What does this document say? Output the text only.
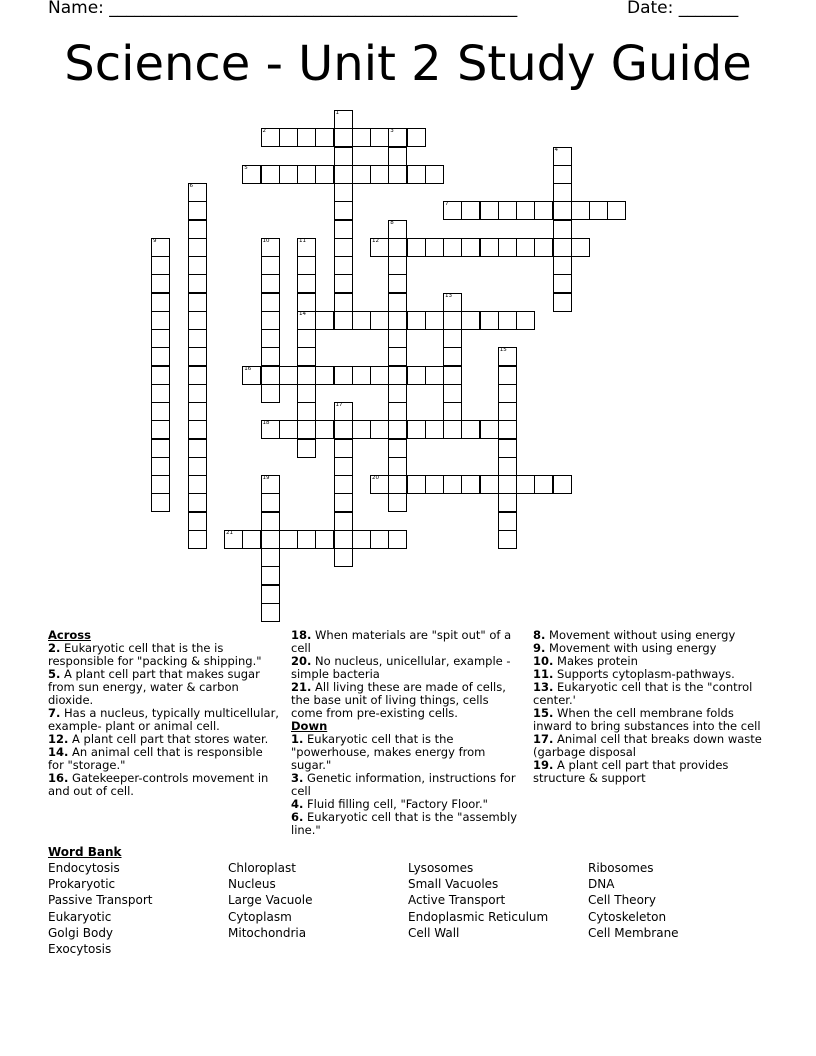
Name: ________________________________________________	Date: _______
Science - Unit 2 Study Guide
1
2	3
4
5
6
7
8
9	10	11
14
12
13
15
16
17
18
19	20
21
Across
2. Eukaryotic cell that is the is responsible for "packing & shipping."
5. A plant cell part that makes sugar from sun energy, water & carbon dioxide.
7. Has a nucleus, typically multicellular, example- plant or animal cell.
12. A plant cell part that stores water.
14. An animal cell that is responsible for "storage."
16. Gatekeeper-controls movement in and out of cell.
18. When materials are "spit out" of a cell
20. No nucleus, unicellular, example - simple bacteria
21. All living these are made of cells, the base unit of living things, cells come from pre-existing cells.
Down
1. Eukaryotic cell that is the "powerhouse, makes energy from sugar."
3. Genetic information, instructions for cell
4. Fluid filling cell, "Factory Floor."
6. Eukaryotic cell that is the "assembly line."
8. Movement without using energy
9. Movement with using energy
10. Makes protein
11. Supports cytoplasm-pathways.
13. Eukaryotic cell that is the "control center.'
15. When the cell membrane folds inward to bring substances into the cell
17. Animal cell that breaks down waste (garbage disposal
19. A plant cell part that provides structure & support
Word Bank
Endocytosis
Prokaryotic
Passive Transport
Eukaryotic
Golgi Body
Exocytosis
Chloroplast
Nucleus
Large Vacuole
Cytoplasm
Mitochondria
Lysosomes
Small Vacuoles
Active Transport
Endoplasmic Reticulum
Cell Wall
Ribosomes
DNA
Cell Theory
Cytoskeleton
Cell Membrane
